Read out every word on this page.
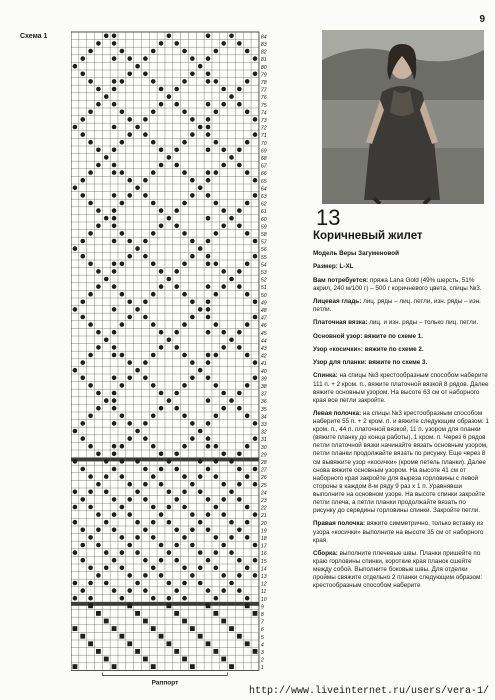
9
Схема 1	84
83
82
81
80
79
78
77
76
75
74
73
72
71
70
69
68
67
66
65
64
63
62
61
60
59
58
57
56
55
54
53
52
51
50
49
48
47
46
45
44
43
42
41
40
39
38
37
36
35
34
33
32
31
30
29
28
27
26
25
24
23
22
21
20
19
18
17
16
15
14
13
12
11
10
9
8
7
6
5
4
3
2
1
Раппорт
13
Коричневый жилет
Модель Веры Загуменовой
Размер: L-XL
Вам потребуется: пряжа Lana Gold (49% шерсть, 51% акрил, 240 м/100 г) – 500 г коричневого цвета, спицы №3.
Лицевая гладь: лиц. ряды – лиц. петли, изн. ряды – изн. петли.
Платочная вязка: лиц. и изн. ряды – только лиц. петли.
Основной узор: вяжите по схеме 1.
Узор «косички»: вяжите по схеме 2.
Узор для планки: вяжите по схеме 3.
Спинка: на спицы №3 крестообразным способом наберите 111 п. + 2 кром. п., вяжите платочной вязкой 8 рядов. Далее вяжите основным узором. На высоте 63 см от наборного края все петли закройте.
Левая полочка: на спицы №3 крестообразным способом наберите 55 п. + 2 кром. п. и вяжите следующим образом: 1 кром. п., 44 п. платочной вязкой, 11 п. узором для планки (вяжите планку до конца работы), 1 кром. п. Через 6 рядов петли платочной вязки начинайте вязать основным узором, петли планки продолжайте вязать по рисунку. Еще через 8 см вывяжите узор «косички» (кроме петель планки). Далее снова вяжите основным узором. На высоте 41 см от наборного края закройте для выреза горловины с левой стороны в каждом 8-м ряду 9 раз х 1 п. Уравнявши выполните на основном узоре. На высоте спинки закройте петли плеча, а петли планки продолжайте вязать по рисунку до середины горловины спинки. Закройте петли.
Правая полочка: вяжите симметрично, только вставку из узора «косички» выполните на высоте 35 см от наборного края.
Сборка: выполните плечевые швы. Планки пришейте по краю горловины спинки, короткие края планок сшейте между собой. Выполните боковые швы. Для отделки проймы свяжите отдельно 2 планки следующим образом: крестообразным способом наберите
http://www.liveinternet.ru/users/vera-1/
